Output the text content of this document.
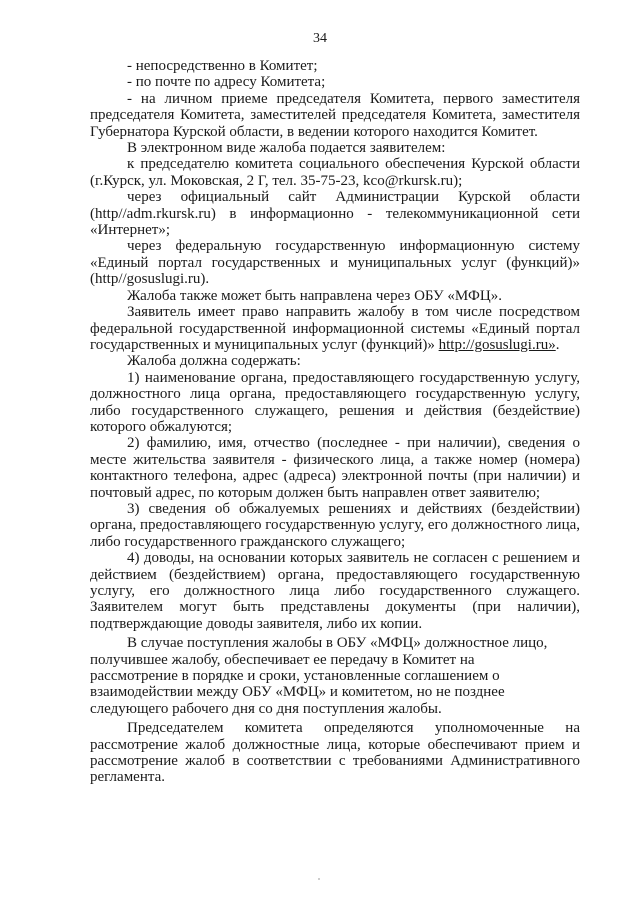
34

- непосредственно в Комитет;

- по почте по адресу Комитета;

- на личном приеме председателя Комитета, первого заместителя председателя Комитета, заместителей председателя Комитета, заместителя Губернатора Курской области, в ведении которого находится Комитет.

В электронном виде жалоба подается заявителем:

к председателю комитета социального обеспечения Курской области (г.Курск, ул. Моковская, 2 Г, тел. 35-75-23, kco@rkursk.ru);

через официальный сайт Администрации Курской области (http//adm.rkursk.ru) в информационно - телекоммуникационной сети «Интернет»;

через федеральную государственную информационную систему «Единый портал государственных и муниципальных услуг (функций)» (http//gosuslugi.ru).

Жалоба также может быть направлена через ОБУ «МФЦ».

Заявитель имеет право направить жалобу в том числе посредством федеральной государственной информационной системы «Единый портал государственных и муниципальных услуг (функций)» http://gosuslugi.ru».

Жалоба должна содержать:

1) наименование органа, предоставляющего государственную услугу, должностного лица органа, предоставляющего государственную услугу, либо государственного служащего, решения и действия (бездействие) которого обжалуются;

2) фамилию, имя, отчество (последнее - при наличии), сведения о месте жительства заявителя - физического лица, а также номер (номера) контактного телефона, адрес (адреса) электронной почты (при наличии) и почтовый адрес, по которым должен быть направлен ответ заявителю;

3) сведения об обжалуемых решениях и действиях (бездействии) органа, предоставляющего государственную услугу, его должностного лица, либо государственного гражданского служащего;

4) доводы, на основании которых заявитель не согласен с решением и действием (бездействием) органа, предоставляющего государственную услугу, его должностного лица либо государственного служащего. Заявителем могут быть представлены документы (при наличии), подтверждающие доводы заявителя, либо их копии.

В случае поступления жалобы в ОБУ «МФЦ» должностное лицо, получившее жалобу, обеспечивает ее передачу в Комитет на рассмотрение в порядке и сроки, установленные соглашением о взаимодействии между ОБУ «МФЦ» и комитетом, но не позднее следующего рабочего дня со дня поступления жалобы.

Председателем комитета определяются уполномоченные на рассмотрение жалоб должностные лица, которые обеспечивают прием и рассмотрение жалоб в соответствии с требованиями Административного регламента.
